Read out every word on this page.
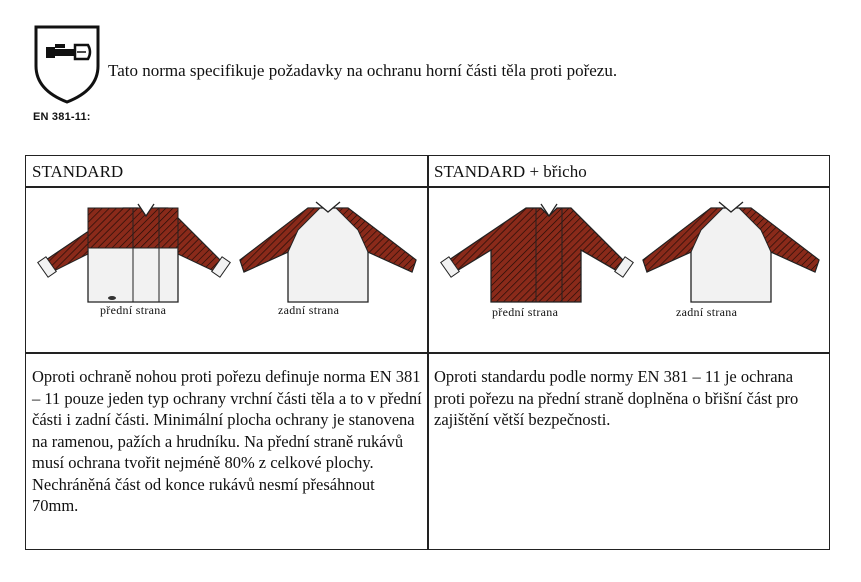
Tato norma specifikuje požadavky na ochranu horní části těla proti pořezu.
EN 381-11:
STANDARD
přední strana	zadní strana
Oproti ochraně nohou proti pořezu definuje norma EN 381 – 11 pouze jeden typ ochrany vrchní části těla a to v přední části i zadní části. Minimální plocha ochrany je stanovena na ramenou, pažích a hrudníku. Na přední straně rukávů musí ochrana tvořit nejméně 80% z celkové plochy. Nechráněná část od konce rukávů nesmí přesáhnout 70mm.
STANDARD + břicho
přední strana	zadní strana
Oproti standardu podle normy EN 381 – 11 je ochrana proti pořezu na přední straně doplněna o břišní část pro zajištění větší bezpečnosti.
